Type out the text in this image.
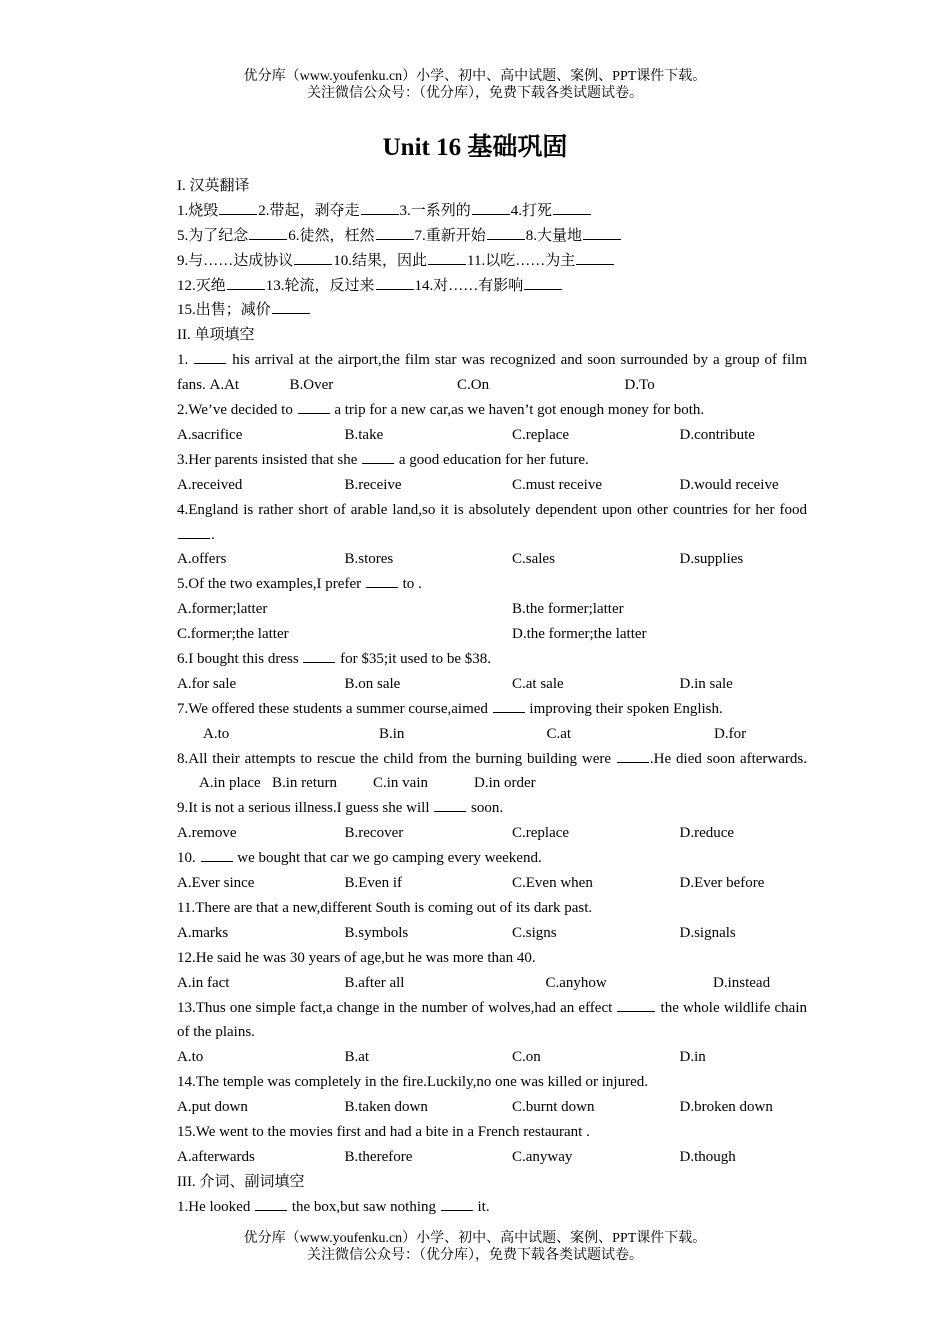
优分库（www.youfenku.cn）小学、初中、高中试题、案例、PPT课件下载。
关注微信公众号：（优分库），免费下载各类试题试卷。
Unit 16 基础巩固
I. 汉英翻译
1.烧毁	2.带起，剥夺走	3.一系列的	4.打死
5.为了纪念	6.徒然，枉然	7.重新开始	8.大量地
9.与……达成协议	10.结果，因此	11.以吃……为主
12.灭绝	13.轮流，反过来	14.对……有影响
15.出售；减价
II. 单项填空
1.  his arrival at the airport,the film star was recognized and soon surrounded by a group of film fans. A.At	B.Over	C.On	D.To
2.We’ve decided to  a trip for a new car,as we haven’t got enough money for both.
A.sacrifice	B.take	C.replace	D.contribute
3.Her parents insisted that she  a good education for her future.
A.received	B.receive	C.must receive	D.would receive
4.England is rather short of arable land,so it is absolutely dependent upon other countries for her food .
A.offers	B.stores	C.sales	D.supplies
5.Of the two examples,I prefer  to .
A.former;latter	B.the former;latter
C.former;the latter	D.the former;the latter
6.I bought this dress  for $35;it used to be $38.
A.for sale	B.on sale	C.at sale	D.in sale
7.We offered these students a summer course,aimed  improving their spoken English.
A.to	B.in	C.at	D.for
8.All their attempts to rescue the child from the burning building were .He died soon afterwards.A.in place B.in return C.in vain	D.in order
9.It is not a serious illness.I guess she will  soon.
A.remove	B.recover	C.replace	D.reduce
10.  we bought that car we go camping every weekend.
A.Ever since	B.Even if	C.Even when	D.Ever before
11.There are that a new,different South is coming out of its dark past.
A.marks	B.symbols	C.signs	D.signals
12.He said he was 30 years of age,but he was more than 40.
A.in fact	B.after all	C.anyhow	D.instead
13.Thus one simple fact,a change in the number of wolves,had an effect	the whole wildlife chain of the plains.
A.to	B.at	C.on	D.in
14.The temple was completely in the fire.Luckily,no one was killed or injured.
A.put down	B.taken down	C.burnt down	D.broken down
15.We went to the movies first and had a bite in a French restaurant .
A.afterwards	B.therefore	C.anyway	D.though
III. 介词、副词填空
1.He looked  the box,but saw nothing  it.
优分库（www.youfenku.cn）小学、初中、高中试题、案例、PPT课件下载。
关注微信公众号：（优分库），免费下载各类试题试卷。
